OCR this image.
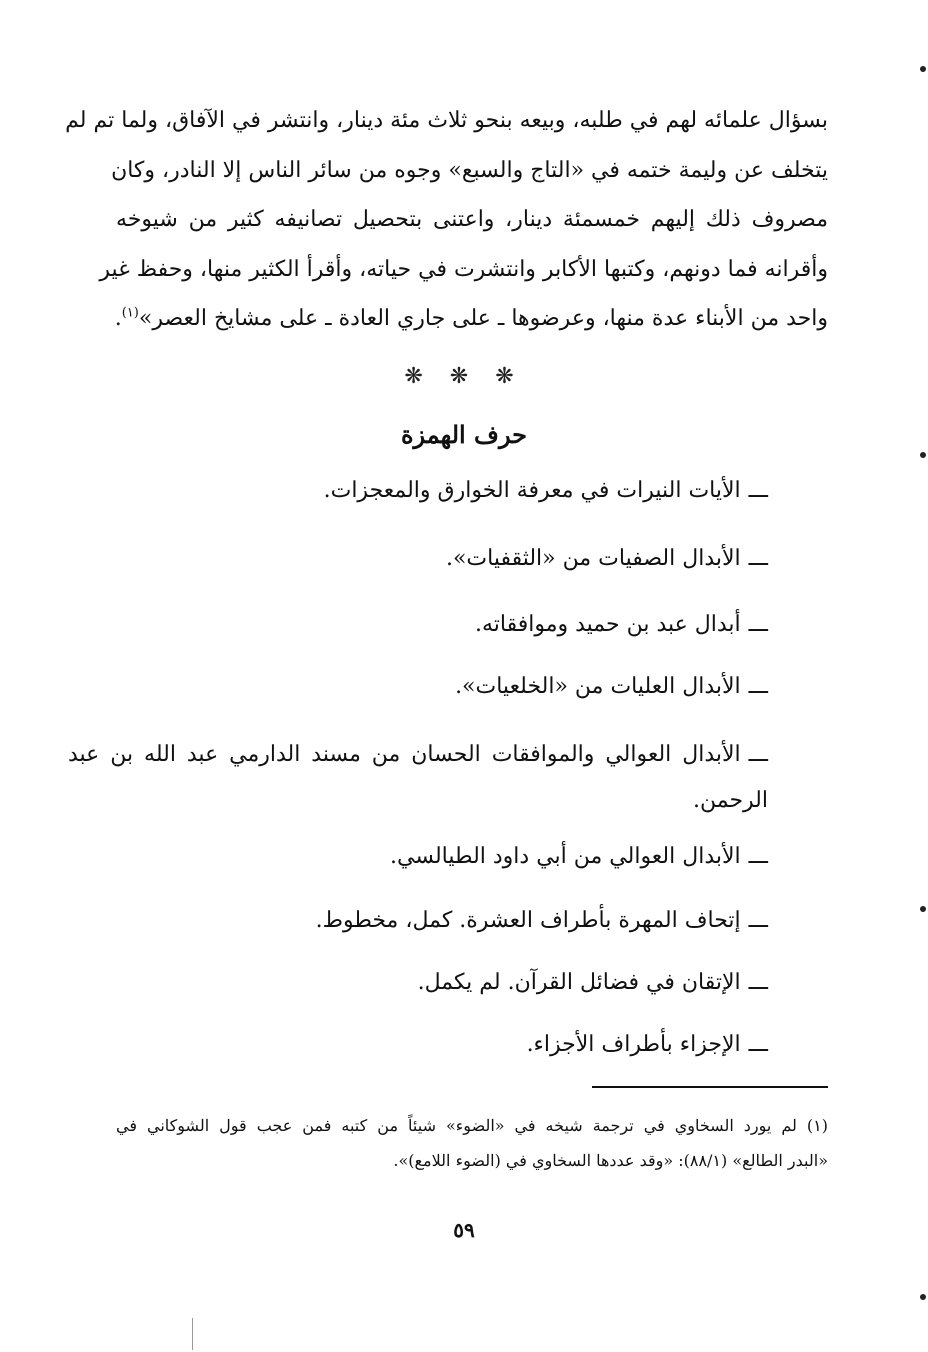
بسؤال علمائه لهم في طلبه، وبيعه بنحو ثلاث مئة دينار، وانتشر في الآفاق، ولما تم لم
يتخلف عن وليمة ختمه في «التاج والسبع» وجوه من سائر الناس إلا النادر، وكان
مصروف ذلك إليهم خمسمئة دينار، واعتنى بتحصيل تصانيفه كثير من شيوخه
وأقرانه فما دونهم، وكتبها الأكابر وانتشرت في حياته، وأقرأ الكثير منها، وحفظ غير
واحد من الأبناء عدة منها، وعرضوها ـ على جاري العادة ـ على مشايخ العصر»$^{(١)}$.
❋ ❋ ❋
حرف الهمزة
ـــالأيات النيرات في معرفة الخوارق والمعجزات.
ـــالأبدال الصفيات من «الثقفيات».
ـــأبدال عبد بن حميد وموافقاته.
ـــالأبدال العليات من «الخلعيات».
ـــالأبدال العوالي والموافقات الحسان من مسند الدارمي عبد الله بن عبد الرحمن.
ـــالأبدال العوالي من أبي داود الطيالسي.
ـــإتحاف المهرة بأطراف العشرة. كمل، مخطوط.
ـــالإتقان في فضائل القرآن. لم يكمل.
ـــالإجزاء بأطراف الأجزاء.
(١) لم يورد السخاوي في ترجمة شيخه في «الضوء» شيئاً من كتبه فمن عجب قول الشوكاني في
«البدر الطالع» (٨٨/١): «وقد عددها السخاوي في (الضوء اللامع)».
٥٩
